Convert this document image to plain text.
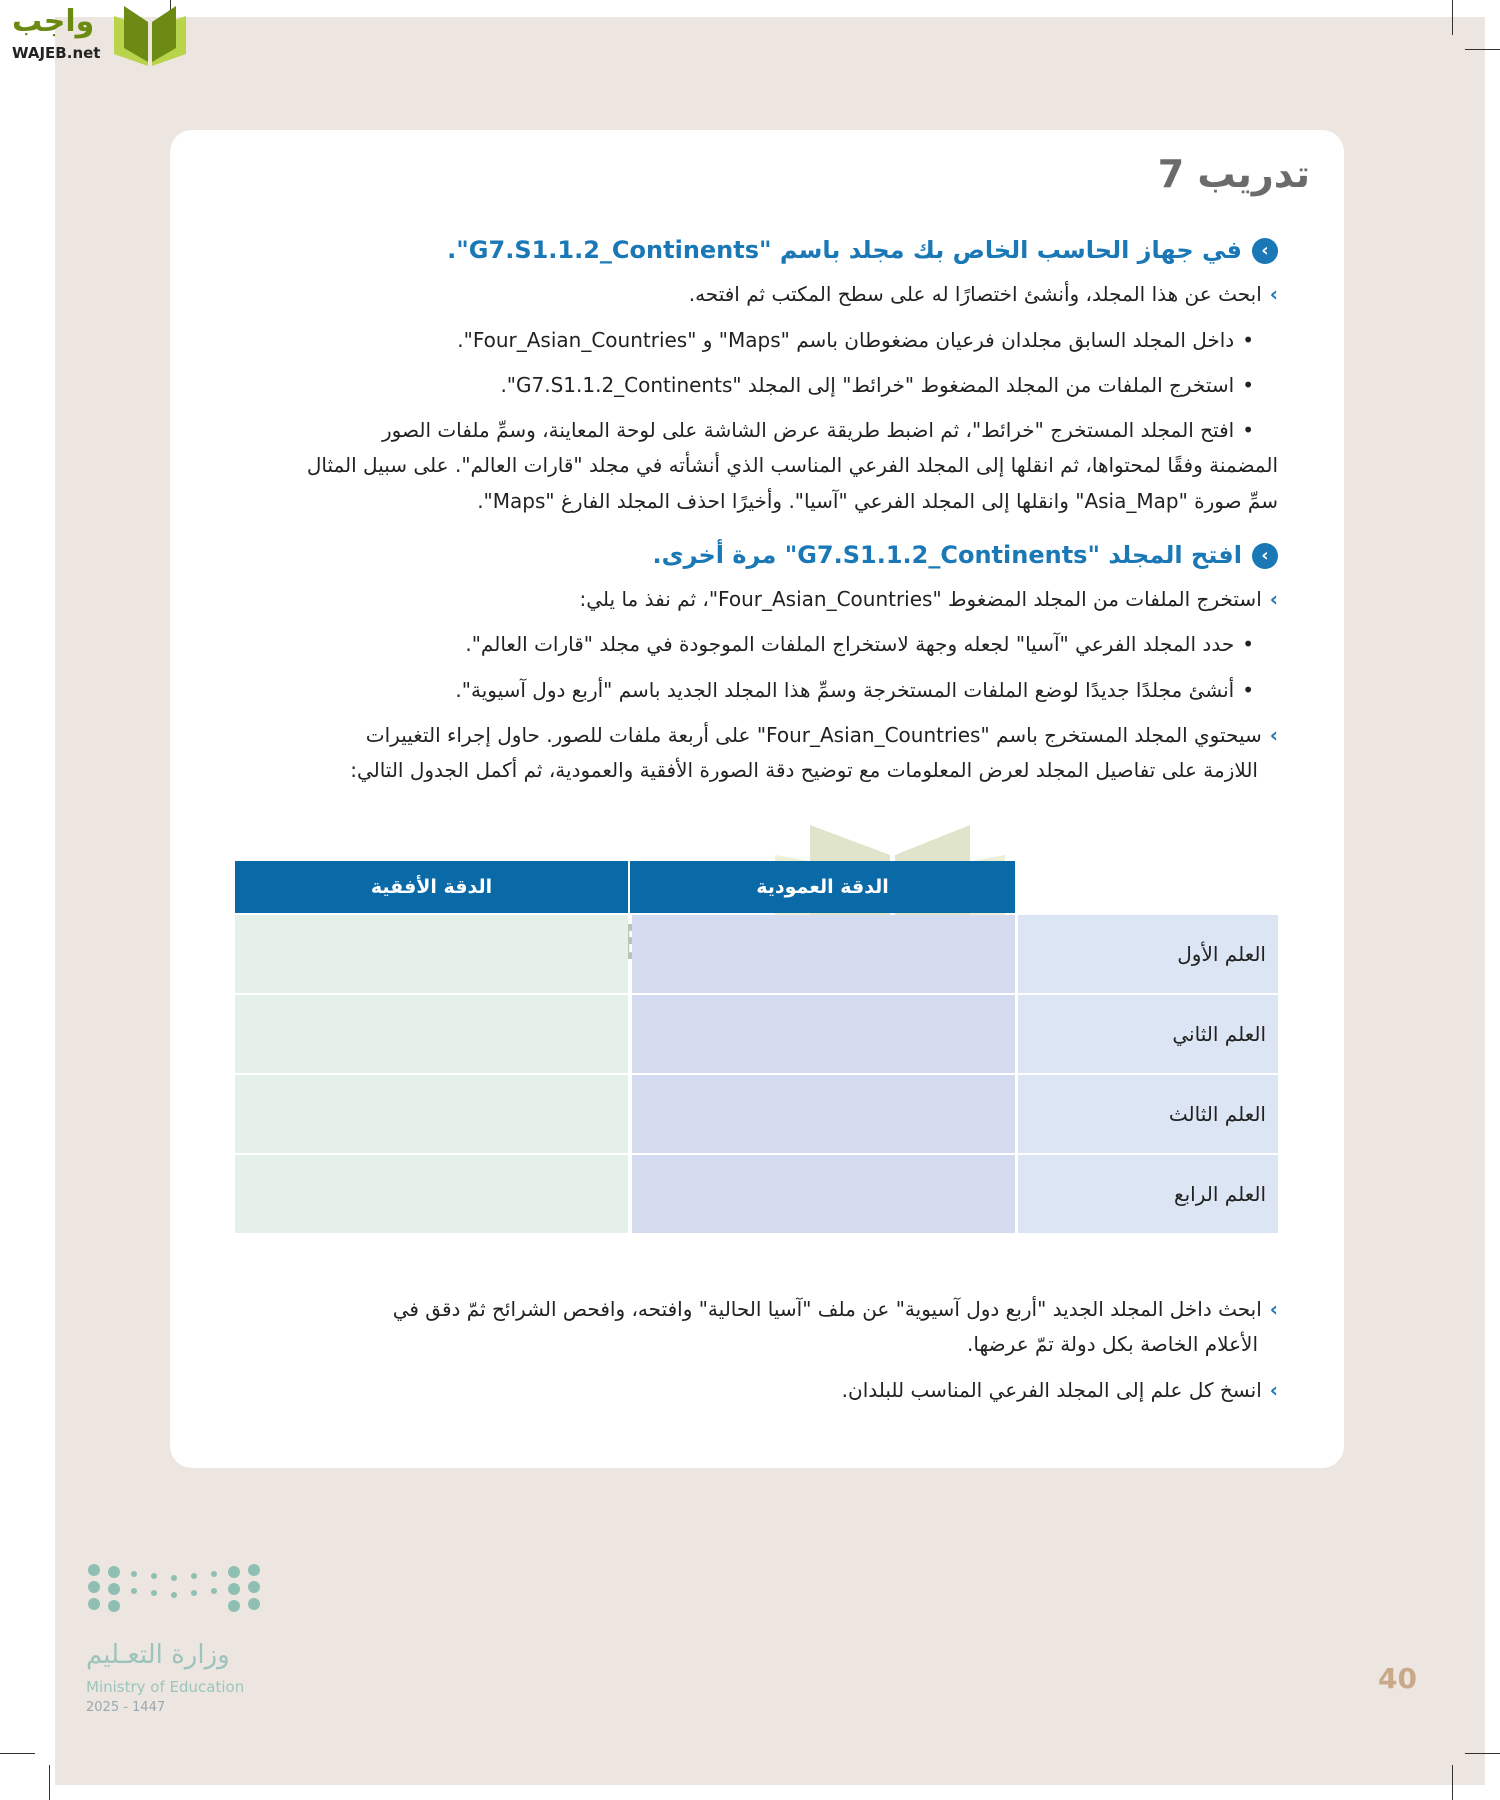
واجب
WAJEB.net
تدريب 7
›في جهاز الحاسب الخاص بك مجلد باسم "G7.S1.1.2_Continents".
›ابحث عن هذا المجلد، وأنشئ اختصارًا له على سطح المكتب ثم افتحه.
•داخل المجلد السابق مجلدان فرعيان مضغوطان باسم "Maps" و "Four_Asian_Countries".
•استخرج الملفات من المجلد المضغوط "خرائط" إلى المجلد "G7.S1.1.2_Continents".
•افتح المجلد المستخرج "خرائط"، ثم اضبط طريقة عرض الشاشة على لوحة المعاينة، وسمِّ ملفات الصور
المضمنة وفقًا لمحتواها، ثم انقلها إلى المجلد الفرعي المناسب الذي أنشأته في مجلد "قارات العالم". على سبيل المثال
سمِّ صورة "Asia_Map" وانقلها إلى المجلد الفرعي "آسيا". وأخيرًا احذف المجلد الفارغ "Maps".
›افتح المجلد "G7.S1.1.2_Continents" مرة أخرى.
›استخرج الملفات من المجلد المضغوط "Four_Asian_Countries"، ثم نفذ ما يلي:
•حدد المجلد الفرعي "آسيا" لجعله وجهة لاستخراج الملفات الموجودة في مجلد "قارات العالم".
•أنشئ مجلدًا جديدًا لوضع الملفات المستخرجة وسمِّ هذا المجلد الجديد باسم "أربع دول آسيوية".
›سيحتوي المجلد المستخرج باسم "Four_Asian_Countries" على أربعة ملفات للصور. حاول إجراء التغييرات
اللازمة على تفاصيل المجلد لعرض المعلومات مع توضيح دقة الصورة الأفقية والعمودية، ثم أكمل الجدول التالي:
الدقة العمودية
الدقة الأفقية
العلم الأول
العلم الثاني
العلم الثالث
العلم الرابع
›ابحث داخل المجلد الجديد "أربع دول آسيوية" عن ملف "آسيا الحالية" وافتحه، وافحص الشرائح ثمّ دقق في
الأعلام الخاصة بكل دولة تمّ عرضها.
›انسخ كل علم إلى المجلد الفرعي المناسب للبلدان.
وزارة التعـليم
Ministry of Education
2025 - 1447
40
